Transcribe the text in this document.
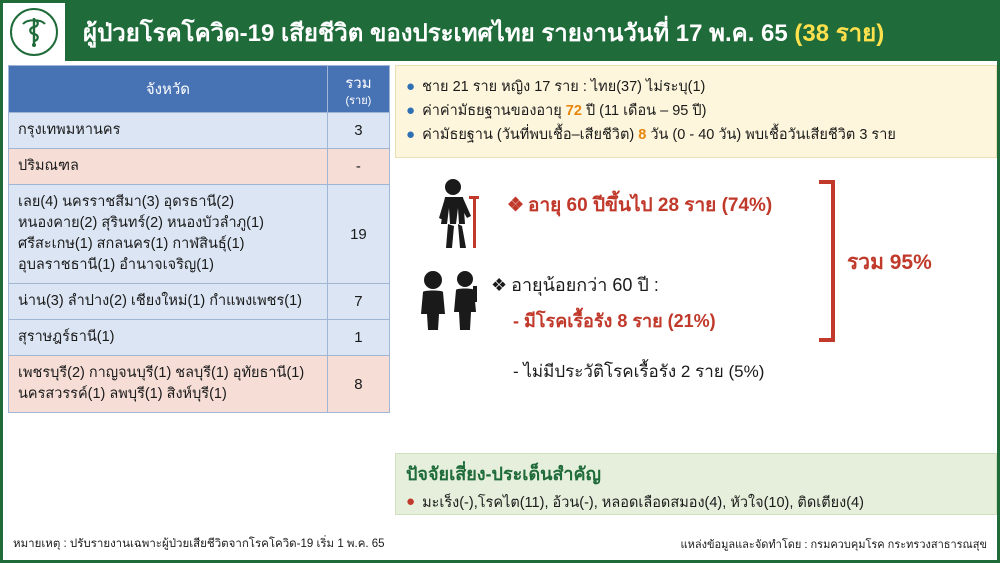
ผู้ป่วยโรคโควิด-19 เสียชีวิต ของประเทศไทย รายงานวันที่ 17 พ.ค. 65 (38 ราย)
จังหวัด	รวม
(ราย)

กรุงเทพมหานคร	3
ปริมณฑล	-
เลย(4) นครราชสีมา(3) อุดรธานี(2)
หนองคาย(2) สุรินทร์(2) หนองบัวลำภู(1)
ศรีสะเกษ(1) สกลนคร(1) กาฬสินธุ์(1)
อุบลราชธานี(1) อำนาจเจริญ(1)	19
น่าน(3) ลำปาง(2) เชียงใหม่(1) กำแพงเพชร(1)	7
สุราษฎร์ธานี(1)	1
เพชรบุรี(2) กาญจนบุรี(1) ชลบุรี(1) อุทัยธานี(1)
นครสวรรค์(1) ลพบุรี(1) สิงห์บุรี(1)	8
● ชาย 21 ราย หญิง 17 ราย : ไทย(37) ไม่ระบุ(1)
● ค่าค่ามัธยฐานของอายุ 72 ปี (11 เดือน – 95 ปี)
● ค่ามัธยฐาน (วันที่พบเชื้อ–เสียชีวิต) 8 วัน (0 - 40 วัน) พบเชื้อวันเสียชีวิต 3 ราย
❖ อายุ 60 ปีขึ้นไป 28 ราย (74%)
❖ อายุน้อยกว่า 60 ปี :
- มีโรคเรื้อรัง 8 ราย (21%)
- ไม่มีประวัติโรคเรื้อรัง 2 ราย (5%)
รวม 95%
ปัจจัยเสี่ยง-ประเด็นสำคัญ
● มะเร็ง(-),โรคไต(11), อ้วน(-), หลอดเลือดสมอง(4), หัวใจ(10), ติดเตียง(4)
หมายเหตุ : ปรับรายงานเฉพาะผู้ป่วยเสียชีวิตจากโรคโควิด-19 เริ่ม 1 พ.ค. 65	แหล่งข้อมูลและจัดทำโดย : กรมควบคุมโรค กระทรวงสาธารณสุข
